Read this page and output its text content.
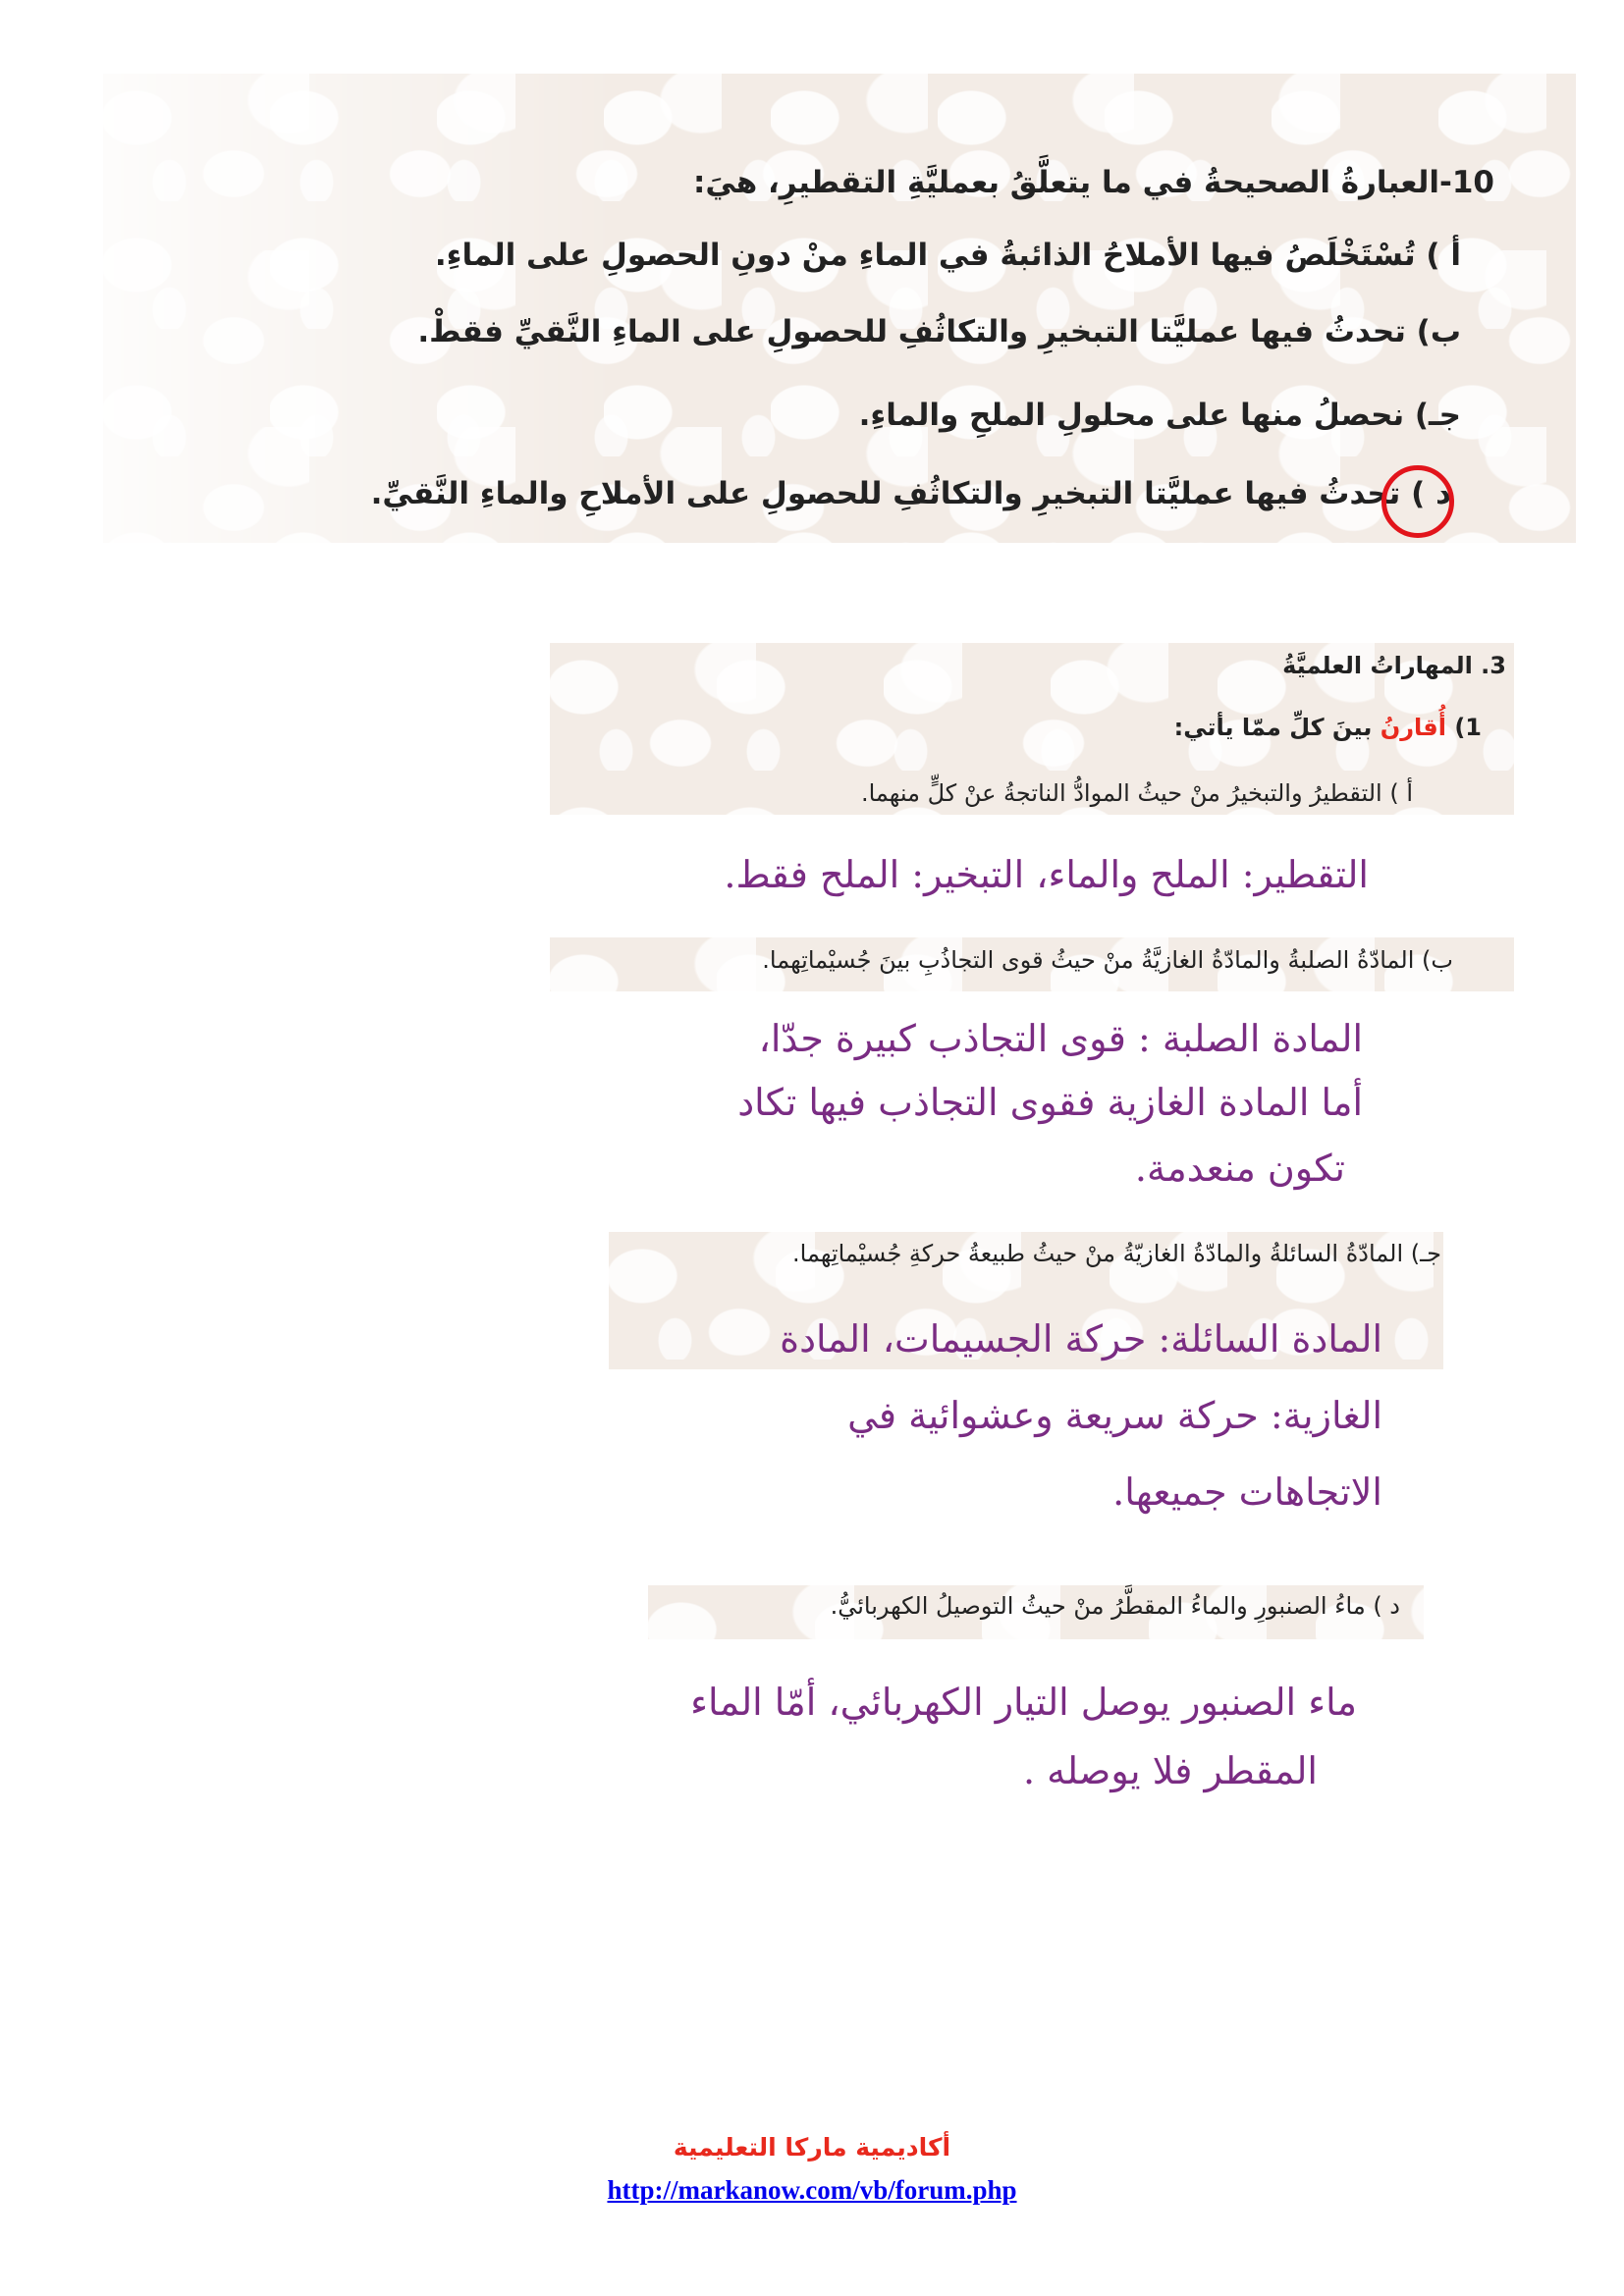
10-العبارةُ الصحيحةُ في ما يتعلَّقُ بعمليَّةِ التقطيرِ، هيَ:
أ ) تُسْتَخْلَصُ فيها الأملاحُ الذائبةُ في الماءِ منْ دونِ الحصولِ على الماءِ.
ب) تحدثُ فيها عمليَّتا التبخيرِ والتكاثُفِ للحصولِ على الماءِ النَّقيِّ فقطْ.
جـ) نحصلُ منها على محلولِ الملحِ والماءِ.
د ) تحدثُ فيها عمليَّتا التبخيرِ والتكاثُفِ للحصولِ على الأملاحِ والماءِ النَّقيِّ.
3. المهاراتُ العلميَّةُ
1) أُقارنُ بينَ كلِّ ممّا يأتي:
أ ) التقطيرُ والتبخيرُ منْ حيثُ الموادُّ الناتجةُ عنْ كلٍّ منهما.
التقطير: الملح والماء، التبخير: الملح فقط.
ب) المادّةُ الصلبةُ والمادّةُ الغازيَّةُ منْ حيثُ قوى التجاذُبِ بينَ جُسيْماتِهما.
المادة الصلبة : قوى التجاذب كبيرة جدّا،
أما المادة الغازية فقوى التجاذب فيها تكاد
تكون منعدمة.
جـ) المادّةُ السائلةُ والمادّةُ الغازيّةُ منْ حيثُ طبيعةُ حركةِ جُسيْماتِهما.
المادة السائلة: حركة الجسيمات، المادة
الغازية: حركة سريعة وعشوائية في
الاتجاهات جميعها.
د ) ماءُ الصنبورِ والماءُ المقطَّرُ منْ حيثُ التوصيلُ الكهربائيُّ.
ماء الصنبور يوصل التيار الكهربائي، أمّا الماء
المقطر فلا يوصله .
أكاديمية ماركا التعليمية
http://markanow.com/vb/forum.php
